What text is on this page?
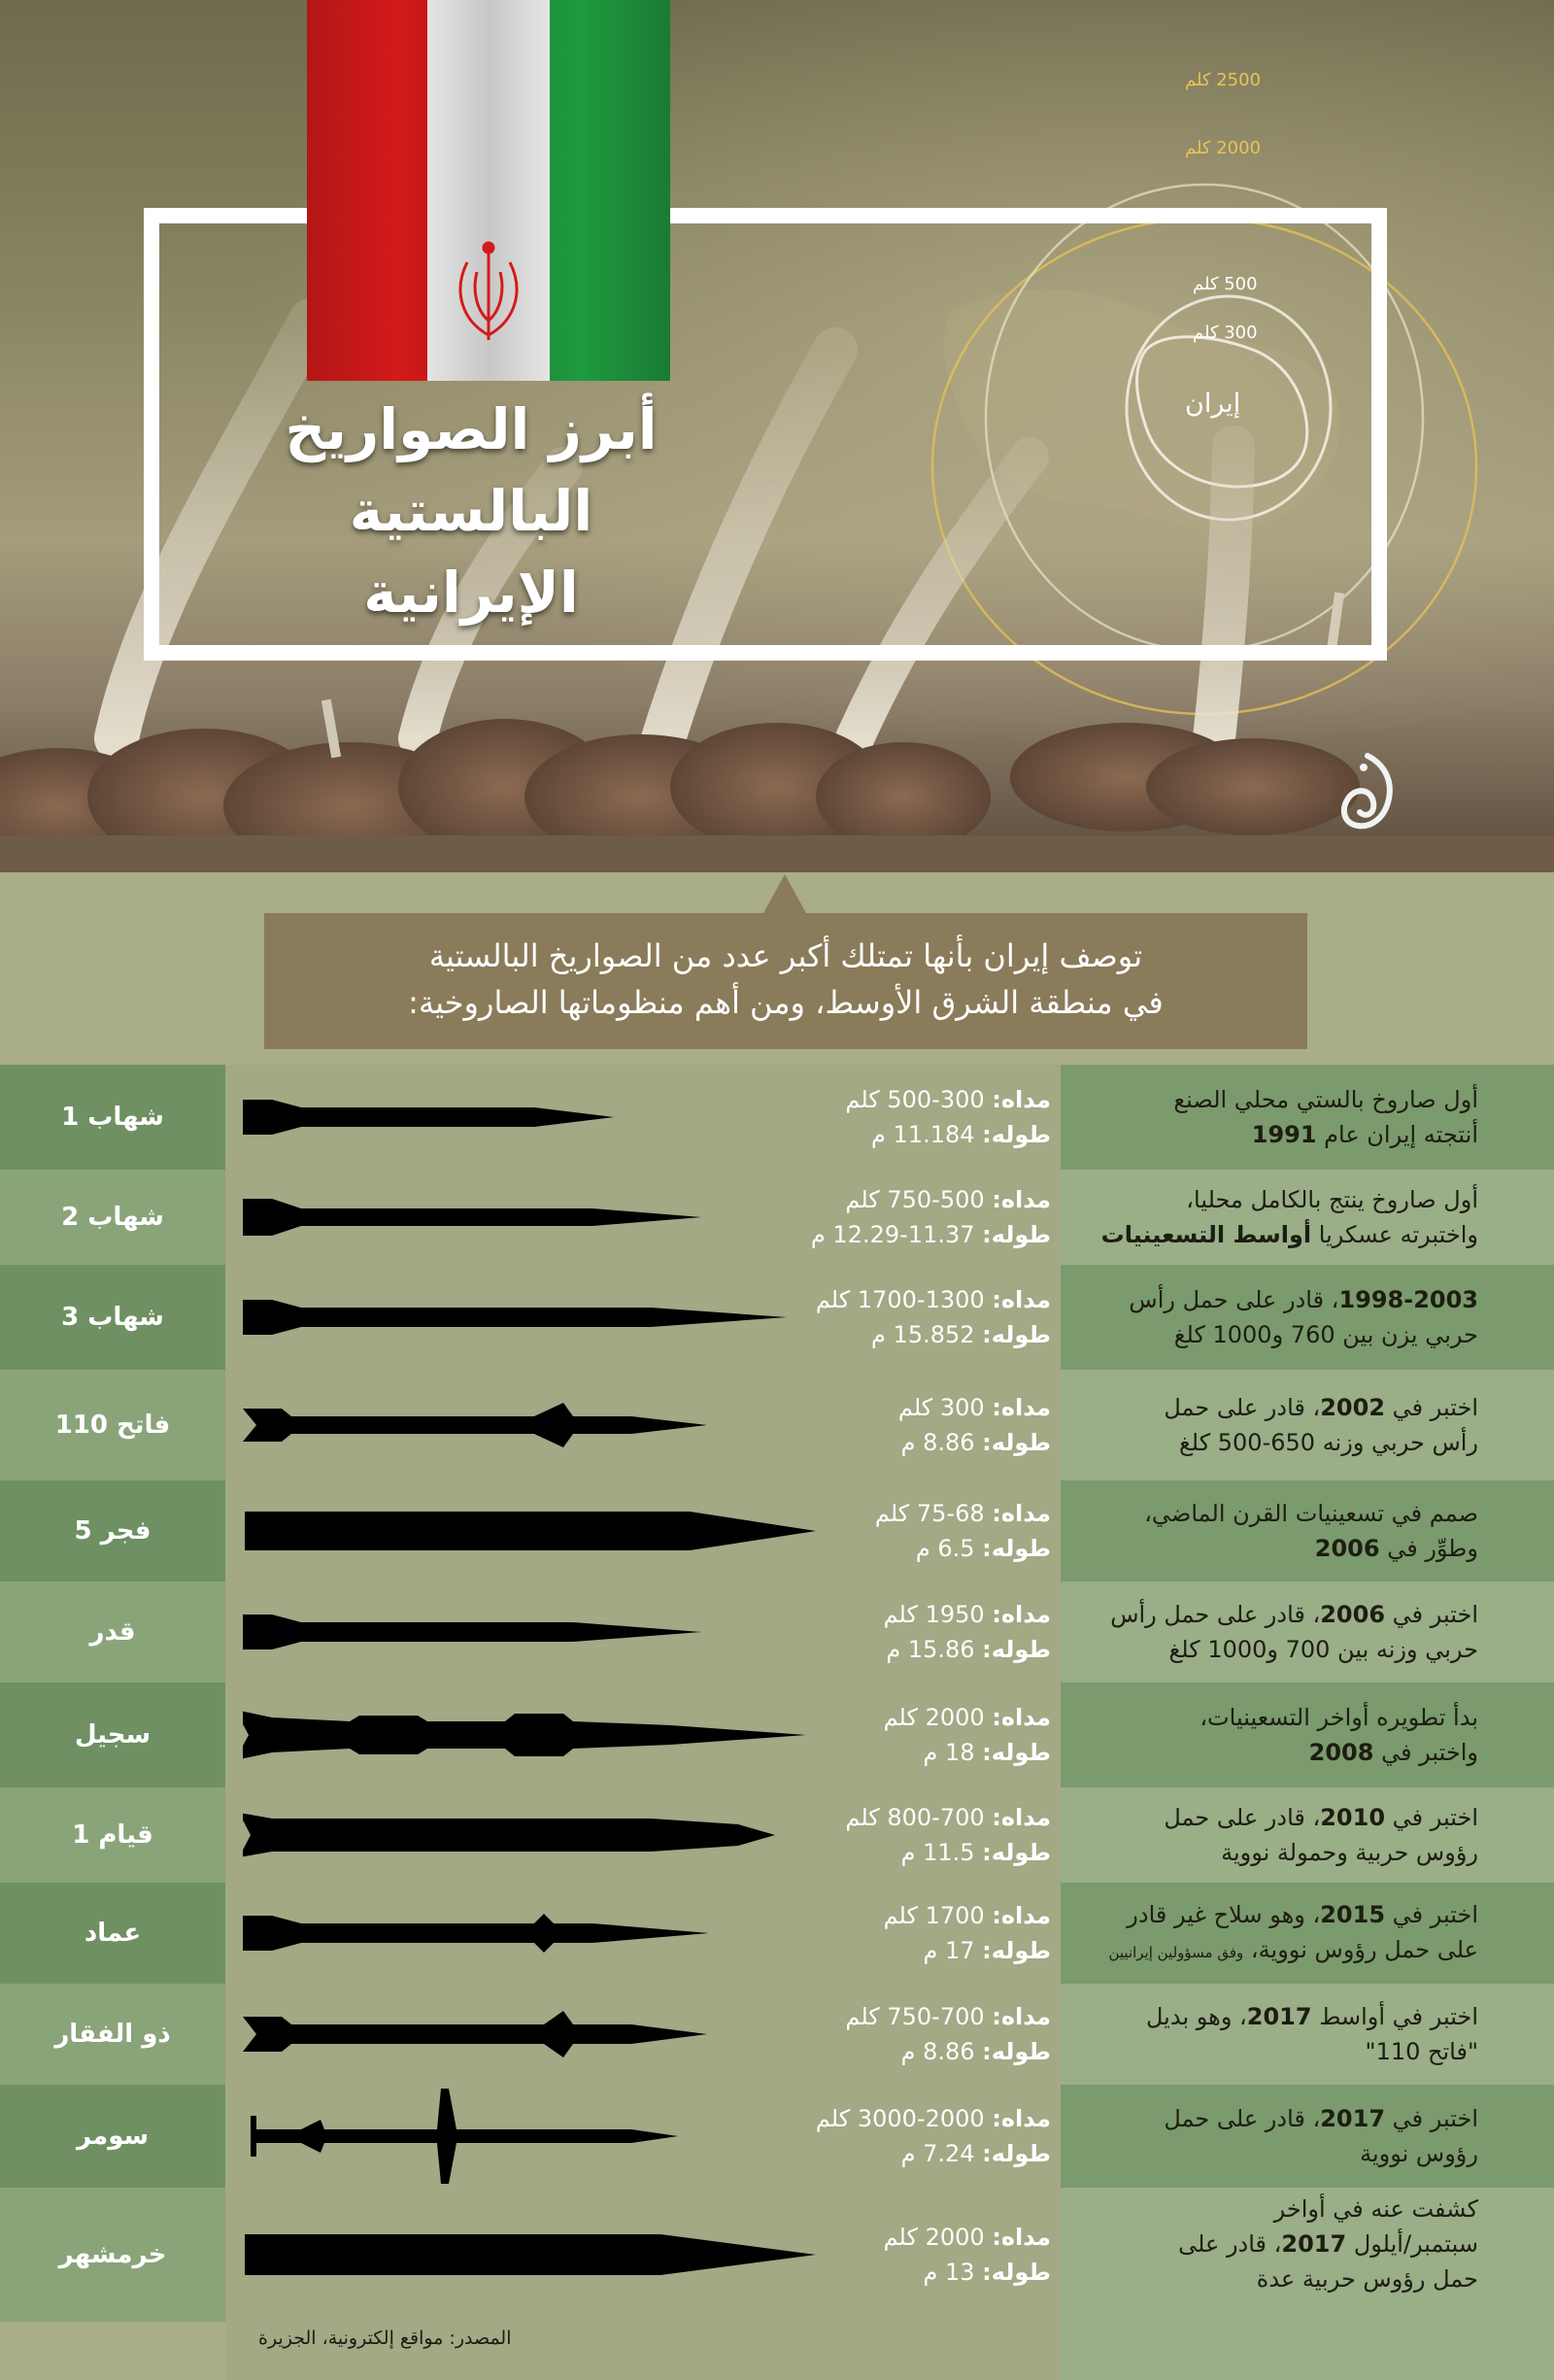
2500 كلم
2000 كلم
500 كلم
300 كلم
إيران
أبرز الصواريخ
البالستية
الإيرانية
توصف إيران بأنها تمتلك أكبر عدد من الصواريخ البالستية
في منطقة الشرق الأوسط، ومن أهم منظوماتها الصاروخية:
شهاب 1
مداه: 300-500 كلم
طوله: 11.184 م
أول صاروخ بالستي محلي الصنع
أنتجته إيران عام 1991
شهاب 2
مداه: 500-750 كلم
طوله: 11.37-12.29 م
أول صاروخ ينتج بالكامل محليا،
واختبرته عسكريا أواسط التسعينيات
شهاب 3
مداه: 1300-1700 كلم
طوله: 15.852 م
1998-2003، قادر على حمل رأس
حربي يزن بين 760 و1000 كلغ
فاتح 110
مداه: 300 كلم
طوله: 8.86 م
اختبر في 2002، قادر على حمل
رأس حربي وزنه 650-500 كلغ
فجر 5
مداه: 68-75 كلم
طوله: 6.5 م
صمم في تسعينيات القرن الماضي،
وطوِّر في 2006
قدر
مداه: 1950 كلم
طوله: 15.86 م
اختبر في 2006، قادر على حمل رأس
حربي وزنه بين 700 و1000 كلغ
سجيل
مداه: 2000 كلم
طوله: 18 م
بدأ تطويره أواخر التسعينيات،
واختبر في 2008
قيام 1
مداه: 700-800 كلم
طوله: 11.5 م
اختبر في 2010، قادر على حمل
رؤوس حربية وحمولة نووية
عماد
مداه: 1700 كلم
طوله: 17 م
اختبر في 2015، وهو سلاح غير قادر
على حمل رؤوس نووية، وفق مسؤولين إيرانيين
ذو الفقار
مداه: 700-750 كلم
طوله: 8.86 م
اختبر في أواسط 2017، وهو بديل
"فاتح 110"
سومر
مداه: 2000-3000 كلم
طوله: 7.24 م
اختبر في 2017، قادر على حمل
رؤوس نووية
خرمشهر
مداه: 2000 كلم
طوله: 13 م
كشفت عنه في أواخر
سبتمبر/أيلول 2017، قادر على
حمل رؤوس حربية عدة
المصدر: مواقع إلكترونية، الجزيرة
